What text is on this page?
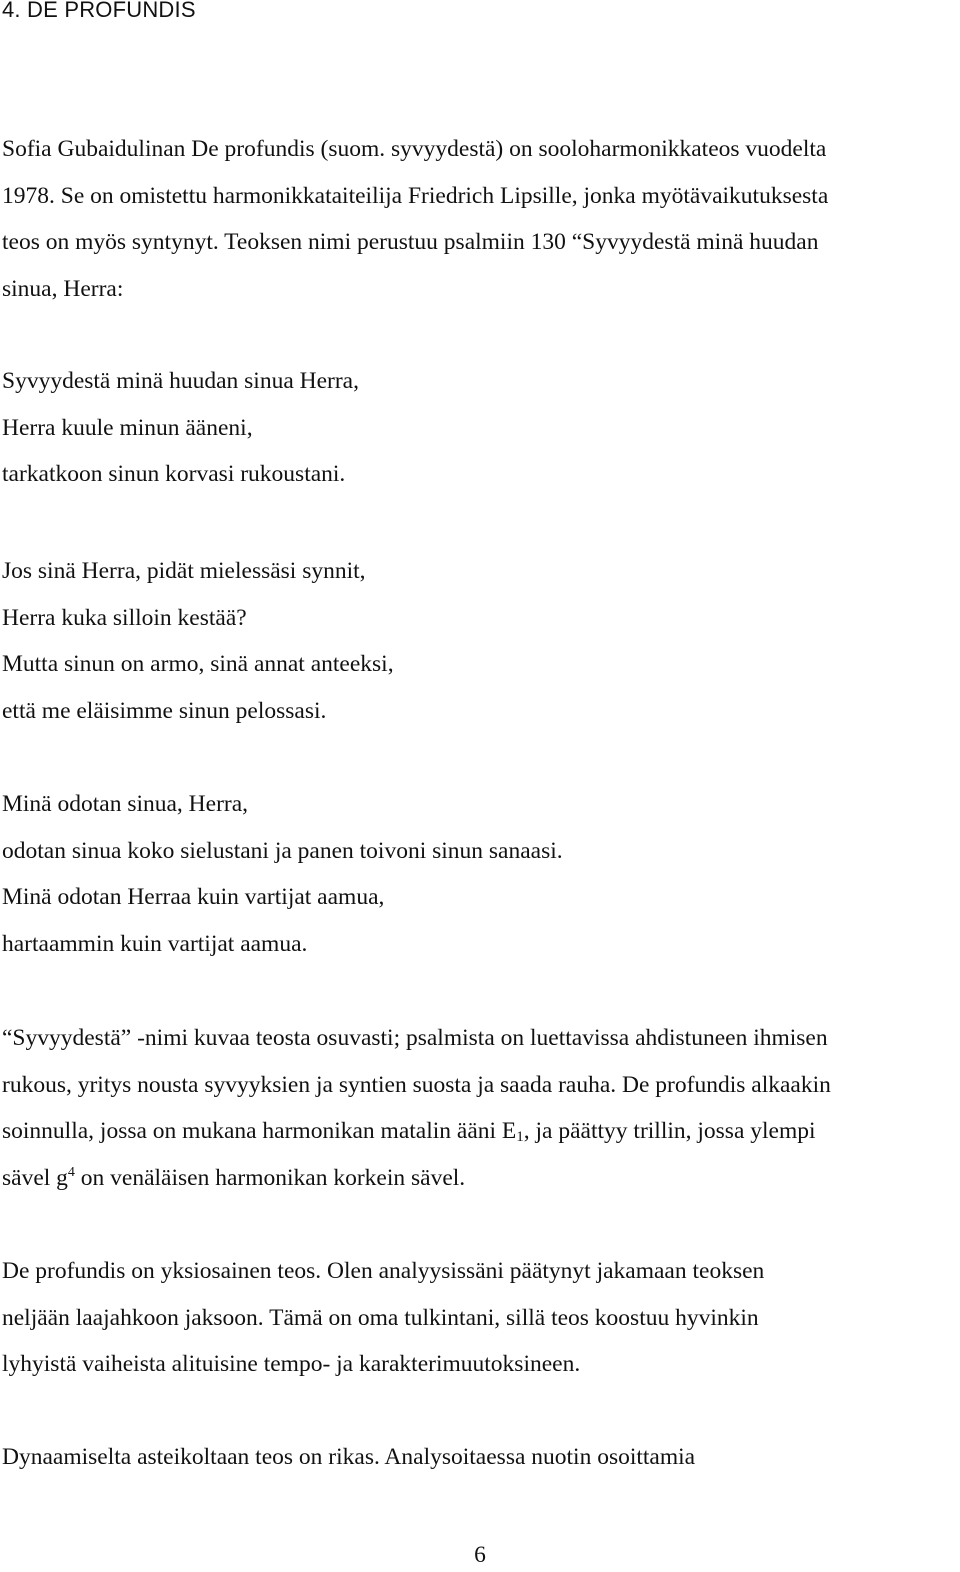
4. DE PROFUNDIS

Sofia Gubaidulinan De profundis (suom. syvyydestä) on sooloharmonikkateos vuodelta
1978. Se on omistettu harmonikkataiteilija Friedrich Lipsille, jonka myötävaikutuksesta
teos on myös syntynyt. Teoksen nimi perustuu psalmiin 130 “Syvyydestä minä huudan
sinua, Herra:

Syvyydestä minä huudan sinua Herra,
Herra kuule minun ääneni,
tarkatkoon sinun korvasi rukoustani.

Jos sinä Herra, pidät mielessäsi synnit,
Herra kuka silloin kestää?
Mutta sinun on armo, sinä annat anteeksi,
että me eläisimme sinun pelossasi.

Minä odotan sinua, Herra,
odotan sinua koko sielustani ja panen toivoni sinun sanaasi.
Minä odotan Herraa kuin vartijat aamua,
hartaammin kuin vartijat aamua.

“Syvyydestä” -nimi kuvaa teosta osuvasti; psalmista on luettavissa ahdistuneen ihmisen
rukous, yritys nousta syvyyksien ja syntien suosta ja saada rauha. De profundis alkaakin
soinnulla, jossa on mukana harmonikan matalin ääni $E_1$, ja päättyy trillin, jossa ylempi
sävel $g^4$ on venäläisen harmonikan korkein sävel.

De profundis on yksiosainen teos. Olen analyysissäni päätynyt jakamaan teoksen
neljään laajahkoon jaksoon. Tämä on oma tulkintani, sillä teos koostuu hyvinkin
lyhyistä vaiheista alituisine tempo- ja karakterimuutoksineen.

Dynaamiselta asteikoltaan teos on rikas. Analysoitaessa nuotin osoittamia

6
